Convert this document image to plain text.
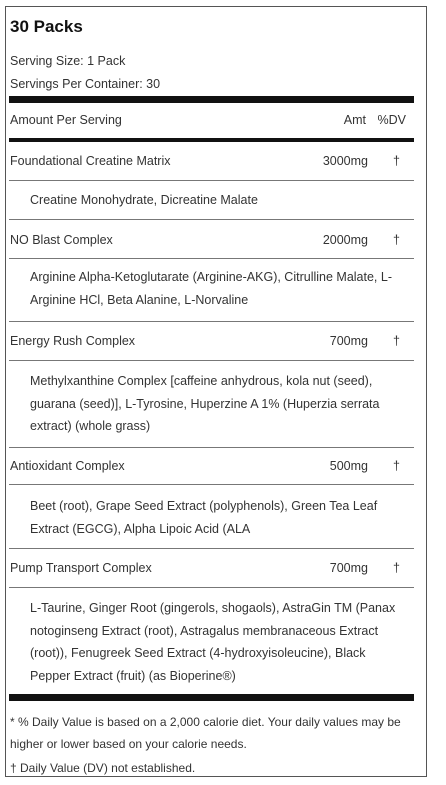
30 Packs
Serving Size: 1 Pack
Servings Per Container: 30
Amount Per Serving	Amt %DV
Foundational Creatine Matrix	3000mg †
Creatine Monohydrate, Dicreatine Malate
NO Blast Complex	2000mg †
Arginine Alpha-Ketoglutarate (Arginine-AKG), Citrulline Malate, L-Arginine HCl, Beta Alanine, L-Norvaline
Energy Rush Complex	700mg †
Methylxanthine Complex [caffeine anhydrous, kola nut (seed), guarana (seed)], L-Tyrosine, Huperzine A 1% (Huperzia serrata extract) (whole grass)
Antioxidant Complex	500mg †
Beet (root), Grape Seed Extract (polyphenols), Green Tea Leaf Extract (EGCG), Alpha Lipoic Acid (ALA
Pump Transport Complex	700mg †
L-Taurine, Ginger Root (gingerols, shogaols), AstraGin TM (Panax notoginseng Extract (root), Astragalus membranaceous Extract (root)), Fenugreek Seed Extract (4-hydroxyisoleucine), Black Pepper Extract (fruit) (as Bioperine®)
* % Daily Value is based on a 2,000 calorie diet. Your daily values may be higher or lower based on your calorie needs.
† Daily Value (DV) not established.
